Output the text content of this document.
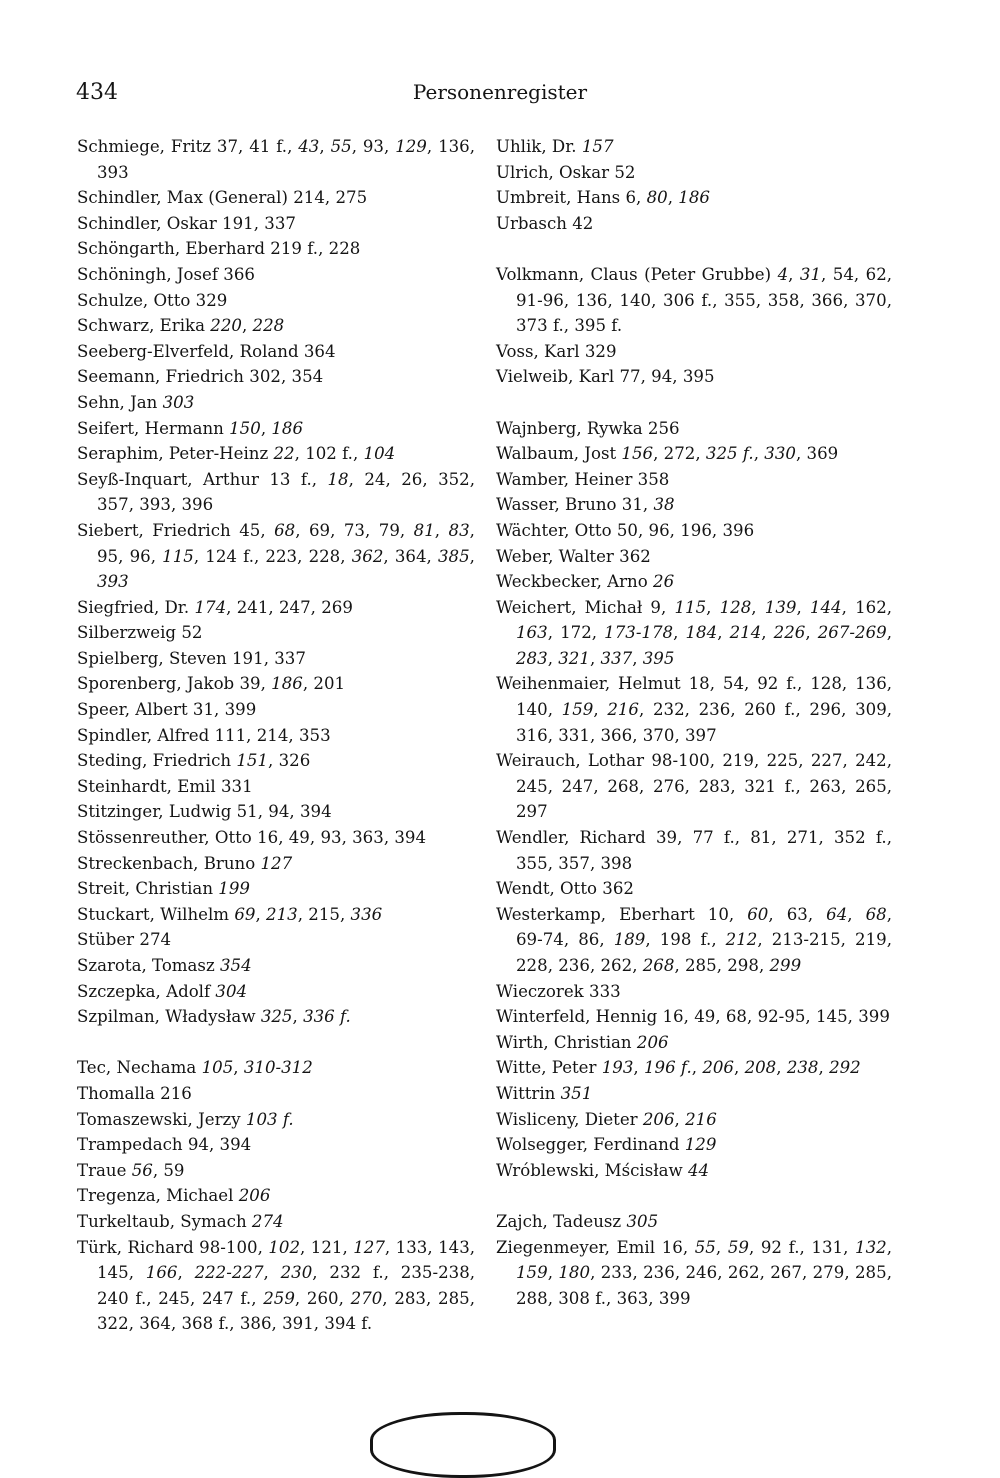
434	Personenregister
Schmiege, Fritz 37, 41 f., 43, 55, 93, 129, 136, 393
Schindler, Max (General) 214, 275
Schindler, Oskar 191, 337
Schöngarth, Eberhard 219 f., 228
Schöningh, Josef 366
Schulze, Otto 329
Schwarz, Erika 220, 228
Seeberg-Elverfeld, Roland 364
Seemann, Friedrich 302, 354
Sehn, Jan 303
Seifert, Hermann 150, 186
Seraphim, Peter-Heinz 22, 102 f., 104
Seyß-Inquart, Arthur 13 f., 18, 24, 26, 352, 357, 393, 396
Siebert, Friedrich 45, 68, 69, 73, 79, 81, 83, 95, 96, 115, 124 f., 223, 228, 362, 364, 385, 393
Siegfried, Dr. 174, 241, 247, 269
Silberzweig 52
Spielberg, Steven 191, 337
Sporenberg, Jakob 39, 186, 201
Speer, Albert 31, 399
Spindler, Alfred 111, 214, 353
Steding, Friedrich 151, 326
Steinhardt, Emil 331
Stitzinger, Ludwig 51, 94, 394
Stössenreuther, Otto 16, 49, 93, 363, 394
Streckenbach, Bruno 127
Streit, Christian 199
Stuckart, Wilhelm 69, 213, 215, 336
Stüber 274
Szarota, Tomasz 354
Szczepka, Adolf 304
Szpilman, Władysław 325, 336 f.
Tec, Nechama 105, 310-312
Thomalla 216
Tomaszewski, Jerzy 103 f.
Trampedach 94, 394
Traue 56, 59
Tregenza, Michael 206
Turkeltaub, Symach 274
Türk, Richard 98-100, 102, 121, 127, 133, 143, 145, 166, 222-227, 230, 232 f., 235-238, 240 f., 245, 247 f., 259, 260, 270, 283, 285, 322, 364, 368 f., 386, 391, 394 f.
Uhlik, Dr. 157
Ulrich, Oskar 52
Umbreit, Hans 6, 80, 186
Urbasch 42
Volkmann, Claus (Peter Grubbe) 4, 31, 54, 62, 91-96, 136, 140, 306 f., 355, 358, 366, 370, 373 f., 395 f.
Voss, Karl 329
Vielweib, Karl 77, 94, 395
Wajnberg, Rywka 256
Walbaum, Jost 156, 272, 325 f., 330, 369
Wamber, Heiner 358
Wasser, Bruno 31, 38
Wächter, Otto 50, 96, 196, 396
Weber, Walter 362
Weckbecker, Arno 26
Weichert, Michał 9, 115, 128, 139, 144, 162, 163, 172, 173-178, 184, 214, 226, 267-269, 283, 321, 337, 395
Weihenmaier, Helmut 18, 54, 92 f., 128, 136, 140, 159, 216, 232, 236, 260 f., 296, 309, 316, 331, 366, 370, 397
Weirauch, Lothar 98-100, 219, 225, 227, 242, 245, 247, 268, 276, 283, 321 f., 263, 265, 297
Wendler, Richard 39, 77 f., 81, 271, 352 f., 355, 357, 398
Wendt, Otto 362
Westerkamp, Eberhart 10, 60, 63, 64, 68, 69-74, 86, 189, 198 f., 212, 213-215, 219, 228, 236, 262, 268, 285, 298, 299
Wieczorek 333
Winterfeld, Hennig 16, 49, 68, 92-95, 145, 399
Wirth, Christian 206
Witte, Peter 193, 196 f., 206, 208, 238, 292
Wittrin 351
Wisliceny, Dieter 206, 216
Wolsegger, Ferdinand 129
Wróblewski, Mścisław 44
Zajch, Tadeusz 305
Ziegenmeyer, Emil 16, 55, 59, 92 f., 131, 132, 159, 180, 233, 236, 246, 262, 267, 279, 285, 288, 308 f., 363, 399
